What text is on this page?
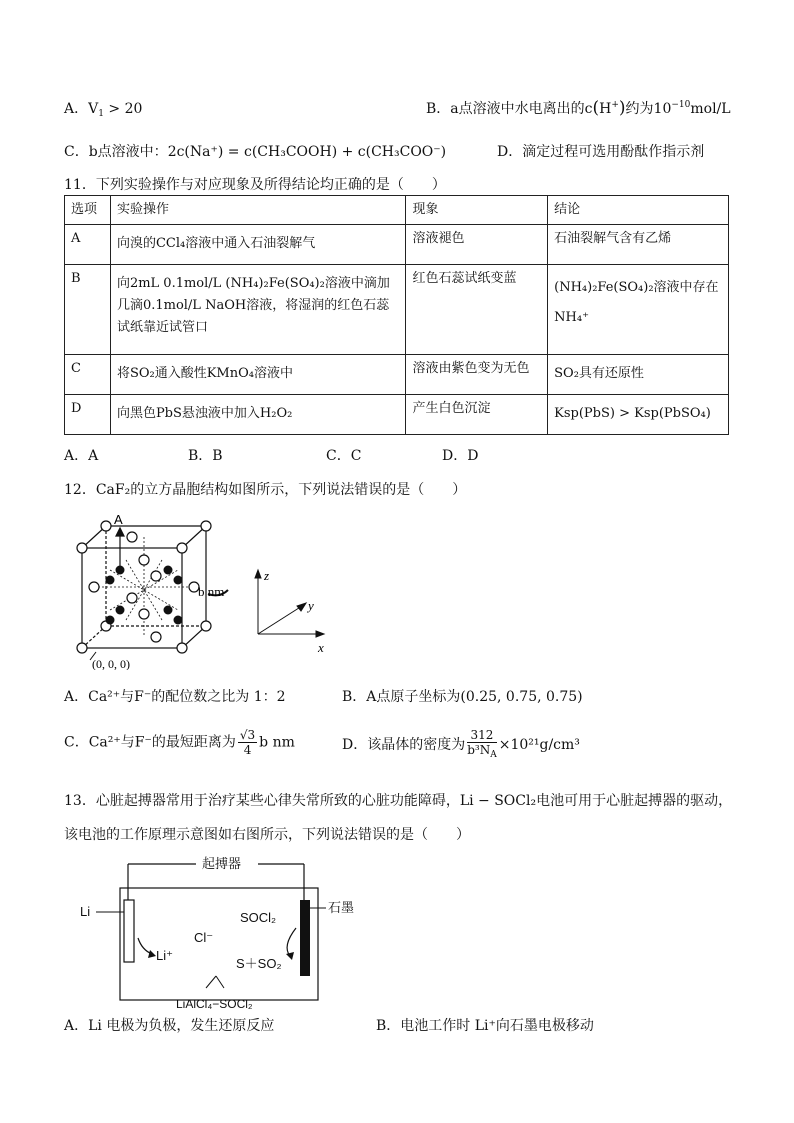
A．$V_1 > 20$	B．a点溶液中水电离出的c(H+)约为$10^{-10}mol/L$
C．b点溶液中：2c(Na⁺) = c(CH₃COOH) + c(CH₃COO⁻)	D．滴定过程可选用酚酞作指示剂
11．下列实验操作与对应现象及所得结论均正确的是（　　）
选项	实验操作	现象	结论
A	向溴的CCl₄溶液中通入石油裂解气	溶液褪色	石油裂解气含有乙烯
B	向2mL 0.1mol/L (NH₄)₂Fe(SO₄)₂溶液中滴加几滴0.1mol/L NaOH溶液，将湿润的红色石蕊试纸靠近试管口	红色石蕊试纸变蓝	(NH₄)₂Fe(SO₄)₂溶液中存在NH₄⁺
C	将SO₂通入酸性KMnO₄溶液中	溶液由紫色变为无色	SO₂具有还原性
D	向黑色PbS悬浊液中加入H₂O₂	产生白色沉淀	Ksp(PbS) > Ksp(PbSO₄)
A．A	B．B	C．C	D．D
12．CaF₂的立方晶胞结构如图所示，下列说法错误的是（　　）
A
b nm
(0, 0, 0)
z
y
x
A．Ca²⁺与F⁻的配位数之比为 1：2	B．A点原子坐标为(0.25, 0.75, 0.75)
C．Ca²⁺与F⁻的最短距离为 $\frac{√3}{4}$ b nm	D．该晶体的密度为 $\frac{312}{b^3N_A} \times 10^{21}g/cm^3$
13．心脏起搏器常用于治疗某些心律失常所致的心脏功能障碍，Li − SOCl₂电池可用于心脏起搏器的驱动，
该电池的工作原理示意图如右图所示，下列说法错误的是（　　）
起搏器
Li	石墨
Cl⁻
Li⁺
SOCl₂
S＋SO₂
LiAlCl₄−SOCl₂
A．Li 电极为负极，发生还原反应	B．电池工作时 Li⁺向石墨电极移动
